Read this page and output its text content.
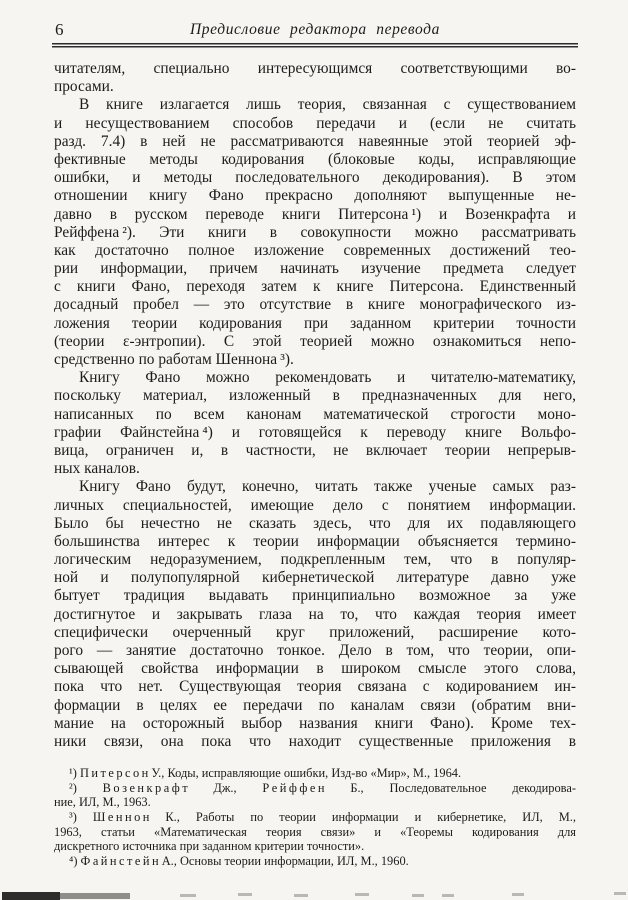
6	Предисловие редактора перевода
читателям, специально интересующимся соответствующими во-
просами.
В книге излагается лишь теория, связанная с существованием
и несуществованием способов передачи и (если не считать
разд. 7.4) в ней не рассматриваются навеянные этой теорией эф-
фективные методы кодирования (блоковые коды, исправляющие
ошибки, и методы последовательного декодирования). В этом
отношении книгу Фано прекрасно дополняют выпущенные не-
давно в русском переводе книги Питерсона ¹) и Возенкрафта и
Рейффена ²). Эти книги в совокупности можно рассматривать
как достаточно полное изложение современных достижений тео-
рии информации, причем начинать изучение предмета следует
с книги Фано, переходя затем к книге Питерсона. Единственный
досадный пробел — это отсутствие в книге монографического из-
ложения теории кодирования при заданном критерии точности
(теории ε-энтропии). С этой теорией можно ознакомиться непо-
средственно по работам Шеннона ³).
Книгу Фано можно рекомендовать и читателю-математику,
поскольку материал, изложенный в предназначенных для него,
написанных по всем канонам математической строгости моно-
графии Файнстейна ⁴) и готовящейся к переводу книге Вольфо-
вица, ограничен и, в частности, не включает теории непрерыв-
ных каналов.
Книгу Фано будут, конечно, читать также ученые самых раз-
личных специальностей, имеющие дело с понятием информации.
Было бы нечестно не сказать здесь, что для их подавляющего
большинства интерес к теории информации объясняется термино-
логическим недоразумением, подкрепленным тем, что в популяр-
ной и полупопулярной кибернетической литературе давно уже
бытует традиция выдавать принципиально возможное за уже
достигнутое и закрывать глаза на то, что каждая теория имеет
специфически очерченный круг приложений, расширение кото-
рого — занятие достаточно тонкое. Дело в том, что теории, опи-
сывающей свойства информации в широком смысле этого слова,
пока что нет. Существующая теория связана с кодированием ин-
формации в целях ее передачи по каналам связи (обратим вни-
мание на осторожный выбор названия книги Фано). Кроме тех-
ники связи, она пока что находит существенные приложения в
¹) П и т е р с о н У., Коды, исправляющие ошибки, Изд-во «Мир», М., 1964.
²) В о з е н к р а ф т Дж., Р е й ф ф е н Б., Последовательное декодирова-
ние, ИЛ, М., 1963.
³) Ш е н н о н К., Работы по теории информации и кибернетике, ИЛ, М.,
1963, статьи «Математическая теория связи» и «Теоремы кодирования для
дискретного источника при заданном критерии точности».
⁴) Ф а й н с т е й н А., Основы теории информации, ИЛ, М., 1960.
